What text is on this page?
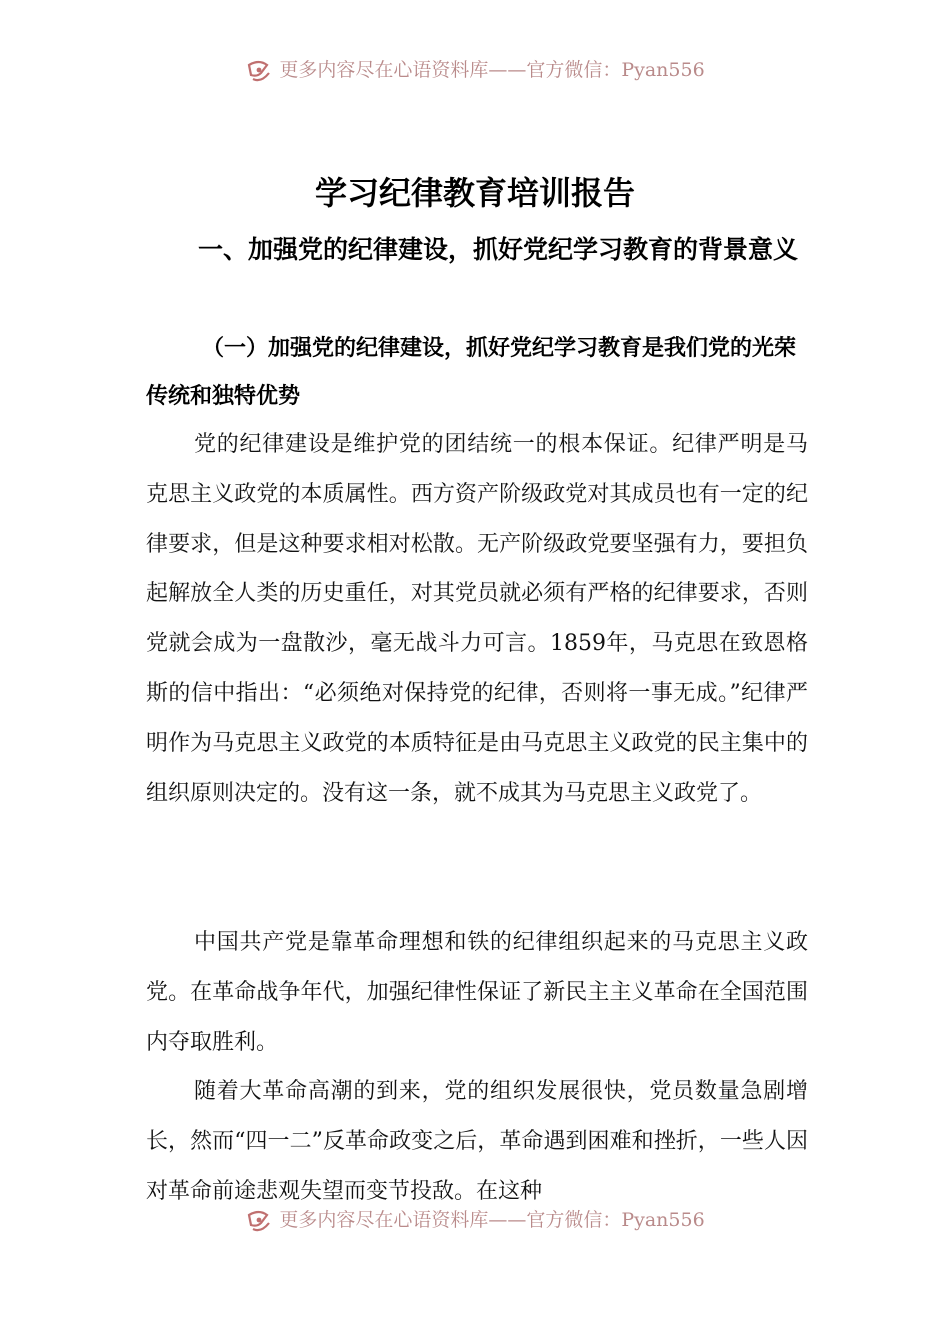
更多内容尽在心语资料库——官方微信：Pyan556
学习纪律教育培训报告

一、加强党的纪律建设，抓好党纪学习教育的背景意义

（一）加强党的纪律建设，抓好党纪学习教育是我们党的光荣传统和独特优势

党的纪律建设是维护党的团结统一的根本保证。纪律严明是马克思主义政党的本质属性。西方资产阶级政党对其成员也有一定的纪律要求，但是这种要求相对松散。无产阶级政党要坚强有力，要担负起解放全人类的历史重任，对其党员就必须有严格的纪律要求，否则党就会成为一盘散沙，毫无战斗力可言。1859年，马克思在致恩格斯的信中指出：“必须绝对保持党的纪律，否则将一事无成。”纪律严明作为马克思主义政党的本质特征是由马克思主义政党的民主集中的组织原则决定的。没有这一条，就不成其为马克思主义政党了。

中国共产党是靠革命理想和铁的纪律组织起来的马克思主义政党。在革命战争年代，加强纪律性保证了新民主主义革命在全国范围内夺取胜利。

随着大革命高潮的到来，党的组织发展很快，党员数量急剧增长，然而“四一二”反革命政变之后，革命遇到困难和挫折，一些人因对革命前途悲观失望而变节投敌。在这种

更多内容尽在心语资料库——官方微信：Pyan556
